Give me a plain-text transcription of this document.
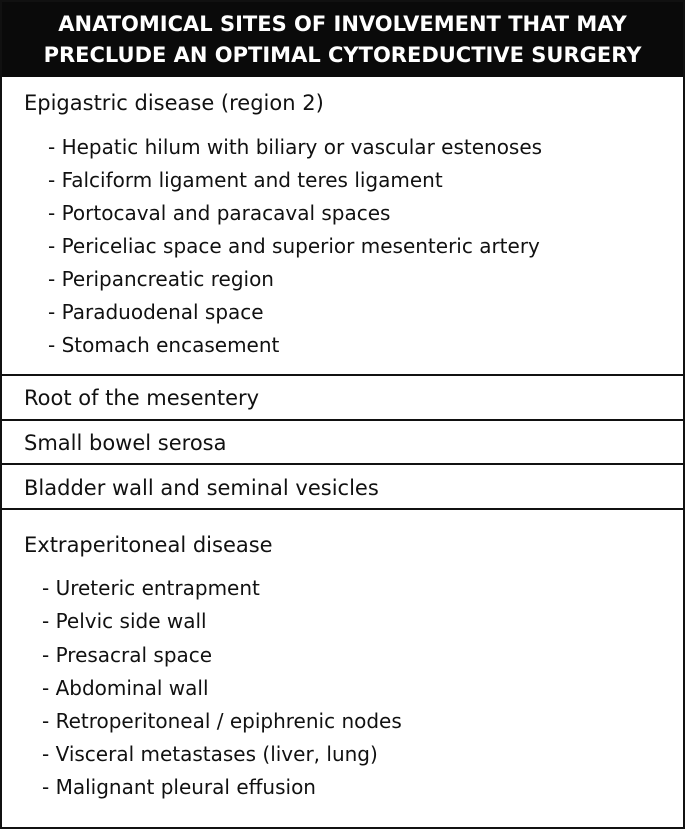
ANATOMICAL SITES OF INVOLVEMENT THAT MAY
PRECLUDE AN OPTIMAL CYTOREDUCTIVE SURGERY
Epigastric disease (region 2)
- Hepatic hilum with biliary or vascular estenoses
- Falciform ligament and teres ligament
- Portocaval and paracaval spaces
- Periceliac space and superior mesenteric artery
- Peripancreatic region
- Paraduodenal space
- Stomach encasement
Root of the mesentery
Small bowel serosa
Bladder wall and seminal vesicles
Extraperitoneal disease
- Ureteric entrapment
- Pelvic side wall
- Presacral space
- Abdominal wall
- Retroperitoneal / epiphrenic nodes
- Visceral metastases (liver, lung)
- Malignant pleural effusion
